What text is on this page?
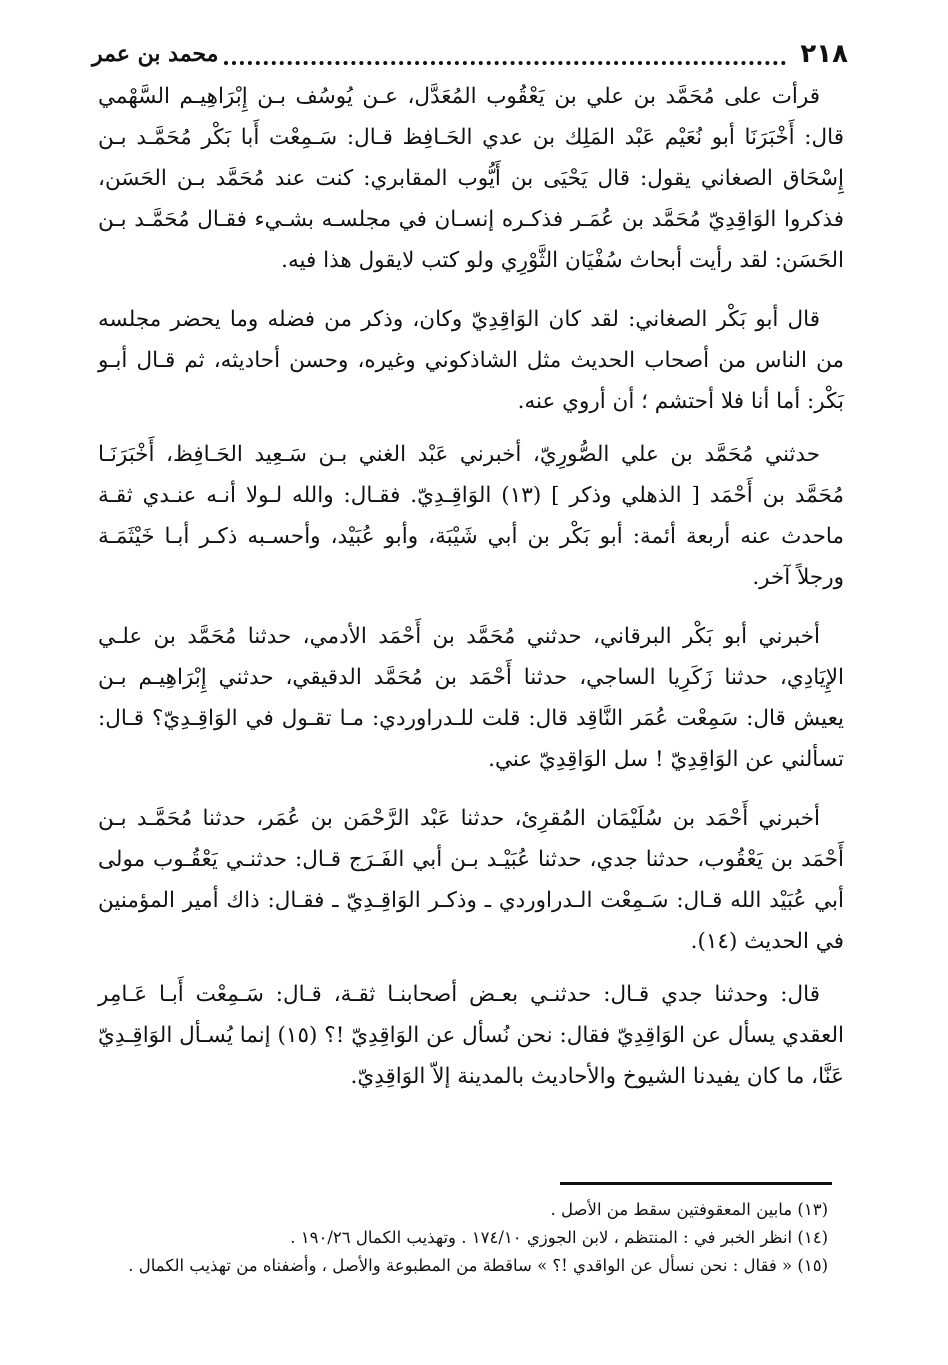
٢١٨
محمد بن عمر

قرأت على مُحَمَّد بن علي بن يَعْقُوب المُعَدَّل، عـن يُوسُف بـن إِبْرَاهِيـم السَّهْمي قال: أَخْبَرَنَا أبو نُعَيْم عَبْد المَلِك بن عدي الحَـافِظ قـال: سَـمِعْت أَبا بَكْر مُحَمَّـد بـن إِسْحَاق الصغاني يقول: قال يَحْيَى بن أَيُّوب المقابري: كنت عند مُحَمَّد بـن الحَسَن، فذكروا الوَاقِدِيّ مُحَمَّد بن عُمَـر فذكـره إنسـان في مجلسـه بشـيء فقـال مُحَمَّـد بـن الحَسَن: لقد رأيت أبحاث سُفْيَان الثَّوْرِي ولو كتب لايقول هذا فيه.

قال أبو بَكْر الصغاني: لقد كان الوَاقِدِيّ وكان، وذكر من فضله وما يحضر مجلسه من الناس من أصحاب الحديث مثل الشاذكوني وغيره، وحسن أحاديثه، ثم قـال أبـو بَكْر: أما أنا فلا أحتشم ؛ أن أروي عنه.

حدثني مُحَمَّد بن علي الصُّورِيّ، أخبرني عَبْد الغني بـن سَـعِيد الحَـافِظ، أَخْبَرَنَـا مُحَمَّد بن أَحْمَد [ الذهلي وذكر ] (١٣) الوَاقِـدِيّ. فقـال: والله لـولا أنـه عنـدي ثقـة ماحدث عنه أربعة أئمة: أبو بَكْر بن أبي شَيْبَة، وأبو عُبَيْد، وأحسـبه ذكـر أبـا خَيْثَمَـة ورجلاً آخر.

أخبرني أبو بَكْر البرقاني، حدثني مُحَمَّد بن أَحْمَد الأدمي، حدثنا مُحَمَّد بن علـي الإِيَادِي، حدثنا زَكَرِيا الساجي، حدثنا أَحْمَد بن مُحَمَّد الدقيقي، حدثني إِبْرَاهِيـم بـن يعيش قال: سَمِعْت عُمَر النَّاقِد قال: قلت للـدراوردي: مـا تقـول في الوَاقِـدِيّ؟ قـال: تسألني عن الوَاقِدِيّ ! سل الوَاقِدِيّ عني.

أخبرني أَحْمَد بن سُلَيْمَان المُقرِئ، حدثنا عَبْد الرَّحْمَن بن عُمَر، حدثنا مُحَمَّـد بـن أَحْمَد بن يَعْقُوب، حدثنا جدي، حدثنا عُبَيْـد بـن أبي الفَـرَج قـال: حدثنـي يَعْقُـوب مولى أبي عُبَيْد الله قـال: سَـمِعْت الـدراوردي ـ وذكـر الوَاقِـدِيّ ـ فقـال: ذاك أمير المؤمنين في الحديث (١٤).

قال: وحدثنا جدي قـال: حدثنـي بعـض أصحابنـا ثقـة، قـال: سَـمِعْت أَبـا عَـامِر العقدي يسأل عن الوَاقِدِيّ فقال: نحن نُسأل عن الوَاقِدِيّ !؟ (١٥) إنما يُسـأل الوَاقِـدِيّ عَنَّا، ما كان يفيدنا الشيوخ والأحاديث بالمدينة إلاّ الوَاقِدِيّ.

(١٣) مابين المعقوفتين سقط من الأصل .

(١٤) انظر الخبر في : المنتظم ، لابن الجوزي ١٧٤/١٠ . وتهذيب الكمال ١٩٠/٢٦ .

(١٥) « فقال : نحن نسأل عن الواقدي !؟ » ساقطة من المطبوعة والأصل ، وأضفناه من تهذيب الكمال .
